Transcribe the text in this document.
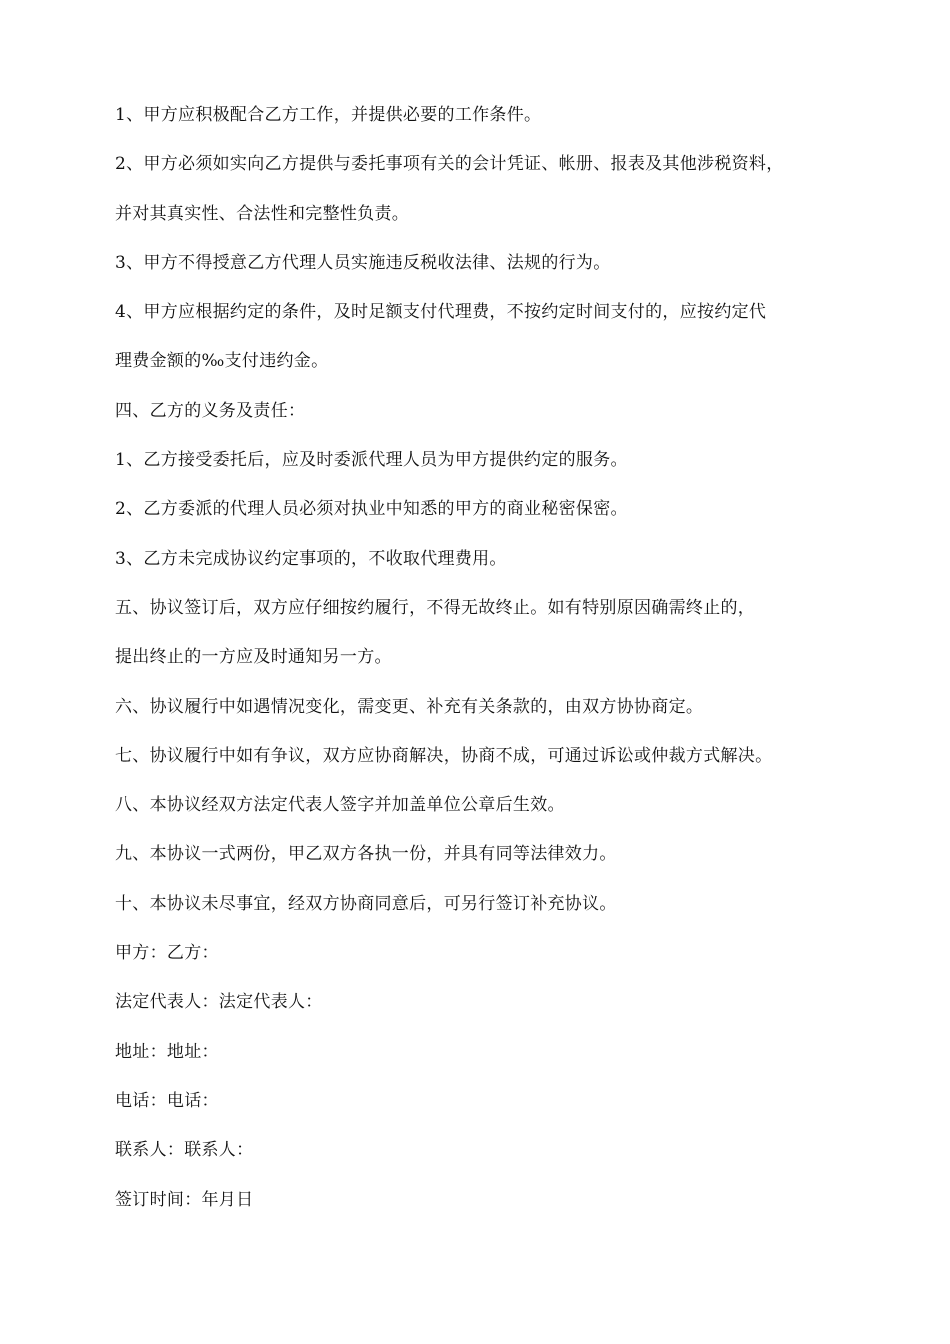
1、甲方应积极配合乙方工作，并提供必要的工作条件。
2、甲方必须如实向乙方提供与委托事项有关的会计凭证、帐册、报表及其他涉税资料，
并对其真实性、合法性和完整性负责。
3、甲方不得授意乙方代理人员实施违反税收法律、法规的行为。
4、甲方应根据约定的条件，及时足额支付代理费，不按约定时间支付的，应按约定代
理费金额的‰支付违约金。
四、乙方的义务及责任：
1、乙方接受委托后，应及时委派代理人员为甲方提供约定的服务。
2、乙方委派的代理人员必须对执业中知悉的甲方的商业秘密保密。
3、乙方未完成协议约定事项的，不收取代理费用。
五、协议签订后，双方应仔细按约履行，不得无故终止。如有特别原因确需终止的，
提出终止的一方应及时通知另一方。
六、协议履行中如遇情况变化，需变更、补充有关条款的，由双方协协商定。
七、协议履行中如有争议，双方应协商解决，协商不成，可通过诉讼或仲裁方式解决。
八、本协议经双方法定代表人签字并加盖单位公章后生效。
九、本协议一式两份，甲乙双方各执一份，并具有同等法律效力。
十、本协议未尽事宜，经双方协商同意后，可另行签订补充协议。
甲方：乙方：
法定代表人：法定代表人：
地址：地址：
电话：电话：
联系人：联系人：
签订时间：年月日
